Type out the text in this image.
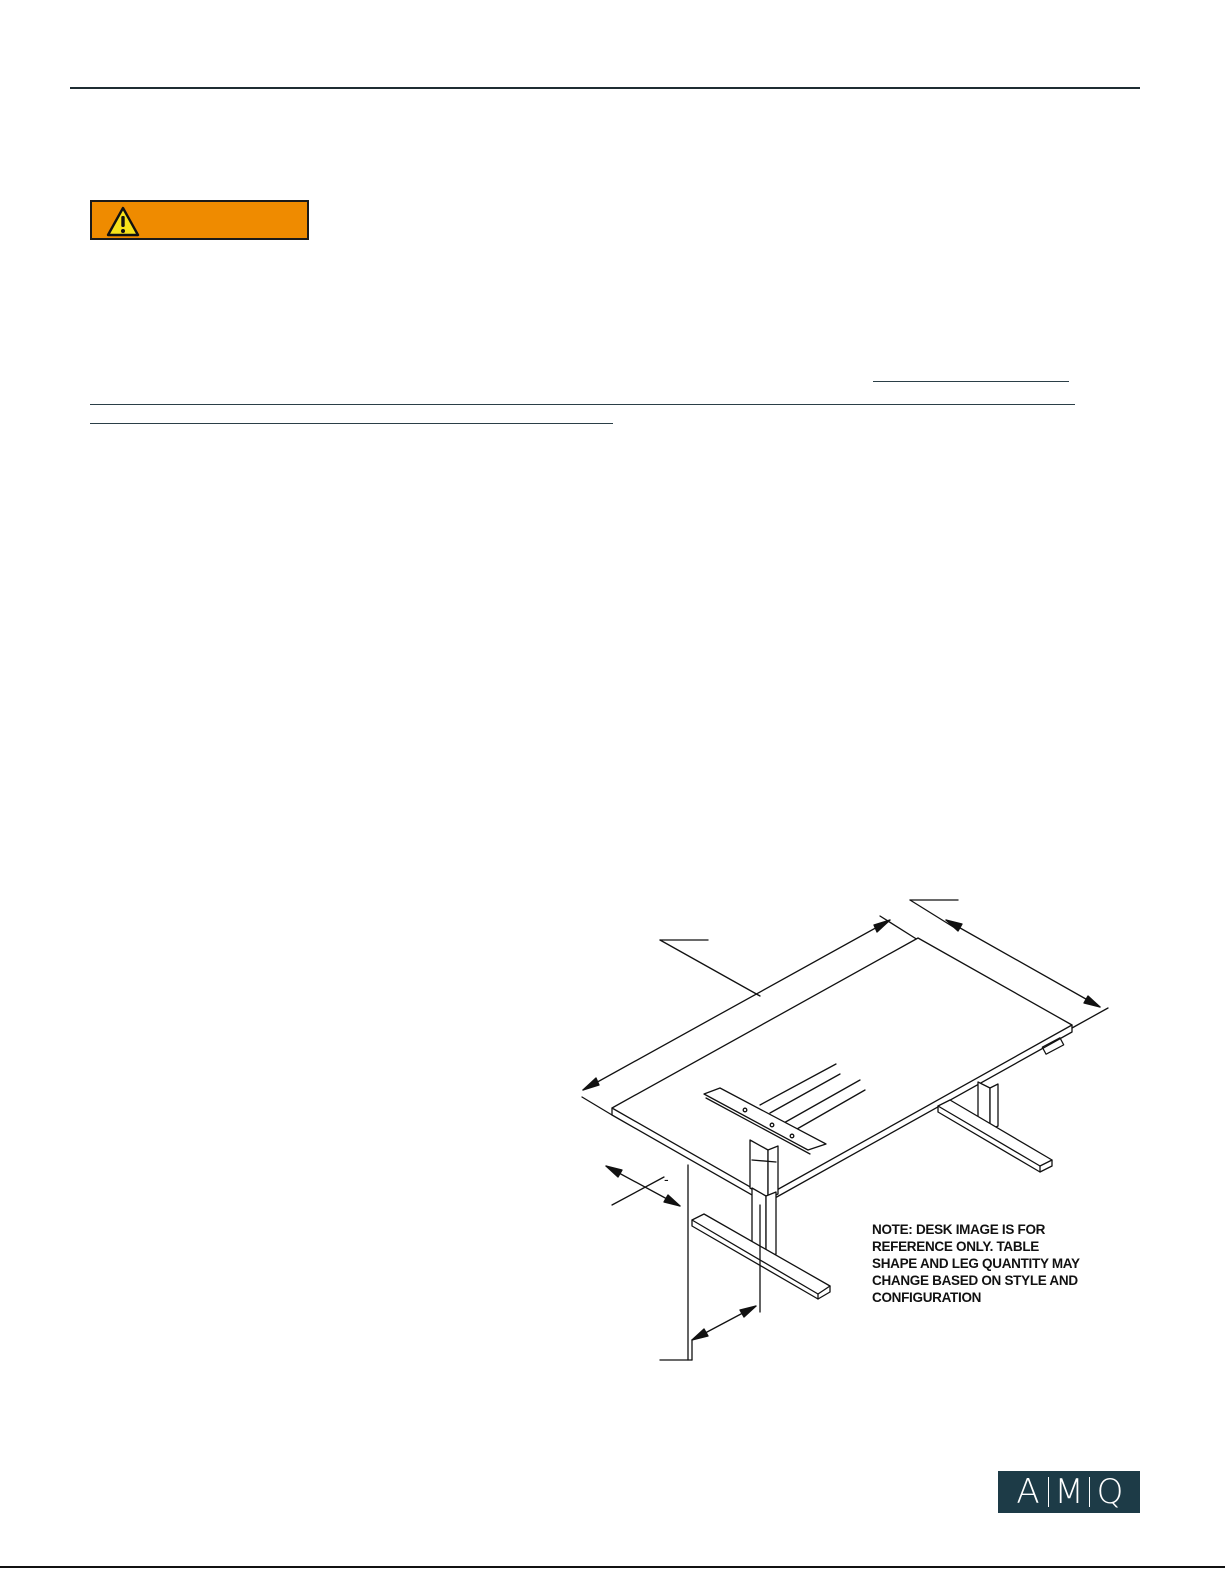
-
NOTE: DESK IMAGE IS FOR
REFERENCE ONLY. TABLE
SHAPE AND LEG QUANTITY MAY
CHANGE BASED ON STYLE AND
CONFIGURATION
A M Q
